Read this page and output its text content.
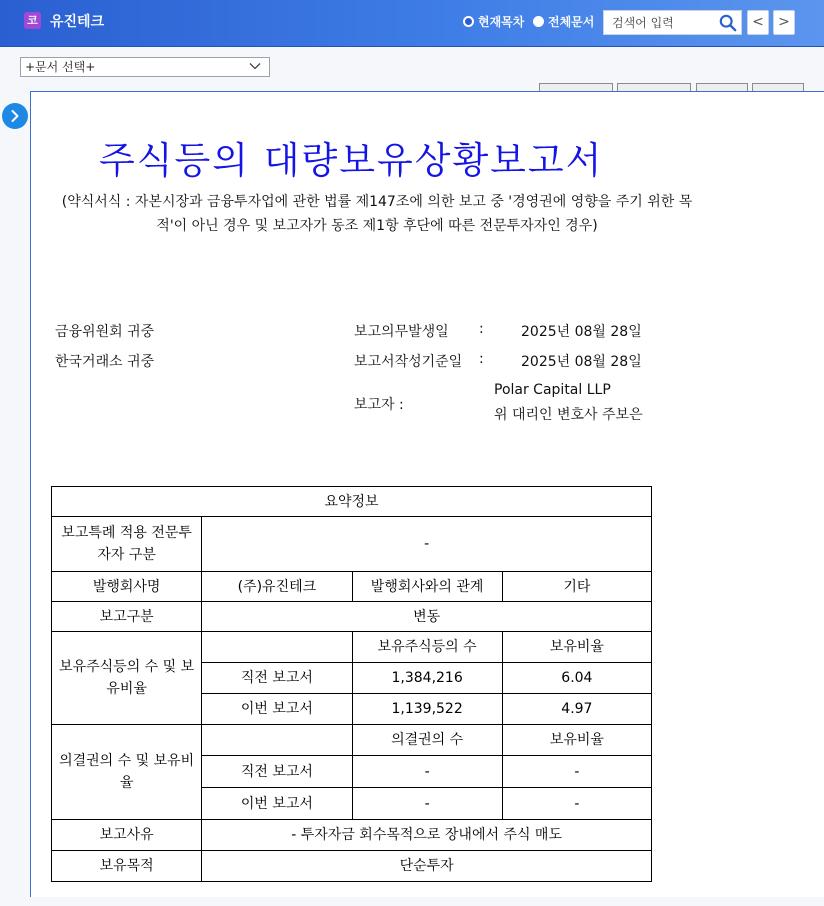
코 유진테크	현재목차 전체문서
검색어 입력	<	>
+문서 선택+
주식등의 대량보유상황보고서
(약식서식 : 자본시장과 금융투자업에 관한 법률 제147조에 의한 보고 중 '경영권에 영향을 주기 위한 목적'이 아닌 경우 및 보고자가 동조 제1항 후단에 따른 전문투자자인 경우)
금융위원회 귀중
한국거래소 귀중
보고의무발생일 :	2025년 08월 28일
보고서작성기준일 :	2025년 08월 28일
보고자 :
Polar Capital LLP
위 대리인 변호사 주보은
요약정보			
보고특례 적용 전문투자자 구분	-		
발행회사명	(주)유진테크	발행회사와의 관계	기타
보고구분	변동		
보유주식등의 수 및 보유비율		보유주식등의 수	보유비율
	직전 보고서	1,384,216	6.04
	이번 보고서	1,139,522	4.97
의결권의 수 및 보유비율		의결권의 수	보유비율
	직전 보고서	-	-
	이번 보고서	-	-
보고사유	- 투자자금 회수목적으로 장내에서 주식 매도		
보유목적	단순투자		
